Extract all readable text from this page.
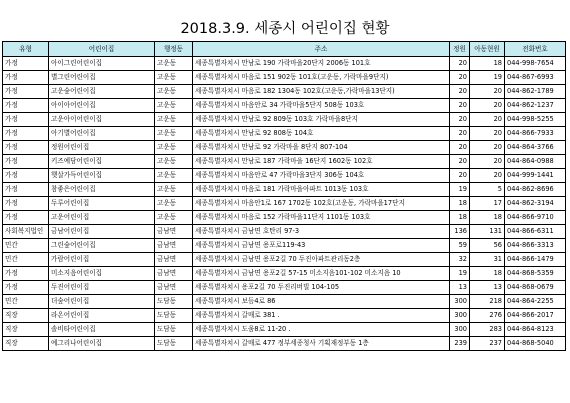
2018.3.9. 세종시 어린이집 현황
유형	어린이집	행정동	주소	정원	아동현원	전화번호
가정	아이그린어린이집	고운동	세종특별자치시 만남로 190 가락마을20단지 2006동 101호	20	18	044-998-7654
가정	별그린어린이집	고운동	세종특별자치시 마음로 151 902동 101호(고운동, 가락마을9단지)	20	19	044-867-6993
가정	고운숲어린이집	고운동	세종특별자치시 마음로 182 1304동 102호(고운동,가락마을13단지)	20	20	044-862-1789
가정	아이아어린이집	고운동	세종특별자치시 마음안로 34 가락마을5단지 508동 103호	20	20	044-862-1237
가정	고운아이어린이집	고운동	세종특별자치시 만남로 92 809동 103호 가락마을8단지	20	20	044-998-5255
가정	아기별어린이집	고운동	세종특별자치시 만남로 92 808동 104호	20	20	044-866-7933
가정	정원어린이집	고운동	세종특별자치시 만남로 92 가락마을 8단지 807-104	20	20	044-864-3766
가정	키즈예담어린이집	고운동	세종특별자치시 만남로 187 가락마을 16단지 1602동 102호	20	20	044-864-0988
가정	햇살가득어린이집	고운동	세종특별자치시 마음안로 47 가락마을3단지 306동 104호	20	20	044-999-1441
가정	참좋은어린이집	고운동	세종특별자치시 마음로 181 가락마을아파트 1013동 103호	19	5	044-862-8696
가정	두루어린이집	고운동	세종특별자치시 마음안1로 167 1702동 102호(고운동, 가락마을17단지	18	17	044-862-3194
가정	고운어린이집	고운동	세종특별자치시 마음로 152 가락마을11단지 1101동 103호	18	18	044-866-9710
사회복지법인	금남어린이집	금남면	세종특별자치시 금남면 호탄리 97-3	136	131	044-866-6311
민간	그린숲어린이집	금남면	세종특별자치시 금남면 용포로119-43	59	56	044-866-3313
민간	가람어린이집	금남면	세종특별자치시 금남면 용포2길 70 두진아파트관리동2층	32	31	044-866-1479
가정	미소지음어린이집	금남면	세종특별자치시 금남면 용포2길 57-15 미소지음101-102 미소지음 10	19	18	044-868-5359
가정	두진어린이집	금남면	세종특별자치시 용포2길 70 두진리버빌 104-105	13	13	044-868-0679
민간	더숲어린이집	도담동	세종특별자치시 보듬4로 86	300	218	044-864-2255
직장	라온어린이집	도담동	세종특별자치시 갈매로 381 .	300	276	044-866-2017
직장	솔비타어린이집	도담동	세종특별자치시 도움8로 11-20 .	300	283	044-864-8123
직장	예그리나어린이집	도담동	세종특별자치시 갈매로 477 정부세종청사 기획재정부동 1층	239	237	044-868-5040
